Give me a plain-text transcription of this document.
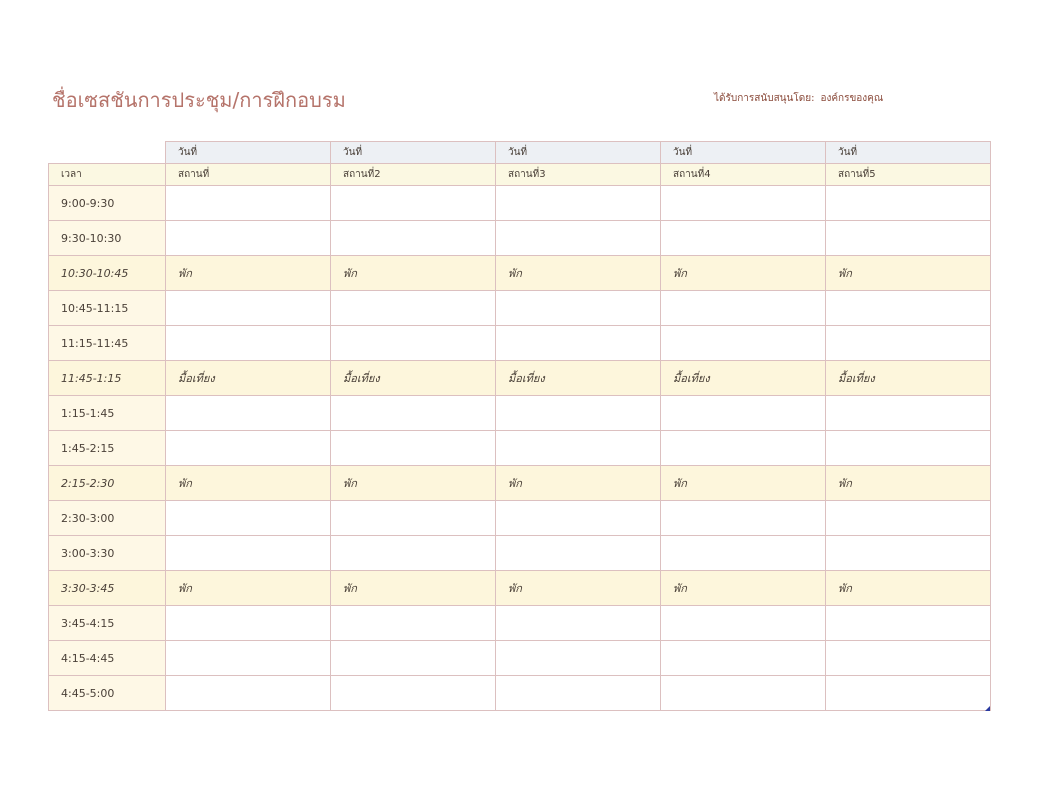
ชื่อเซสชันการประชุม/การฝึกอบรม	ได้รับการสนับสนุนโดย: องค์กรของคุณ
	วันที่	วันที่	วันที่	วันที่	วันที่
เวลา	สถานที่	สถานที่2	สถานที่3	สถานที่4	สถานที่5
9:00-9:30					
9:30-10:30					
10:30-10:45	พัก	พัก	พัก	พัก	พัก
10:45-11:15					
11:15-11:45					
11:45-1:15	มื้อเที่ยง	มื้อเที่ยง	มื้อเที่ยง	มื้อเที่ยง	มื้อเที่ยง
1:15-1:45					
1:45-2:15					
2:15-2:30	พัก	พัก	พัก	พัก	พัก
2:30-3:00					
3:00-3:30					
3:30-3:45	พัก	พัก	พัก	พัก	พัก
3:45-4:15					
4:15-4:45					
4:45-5:00					
